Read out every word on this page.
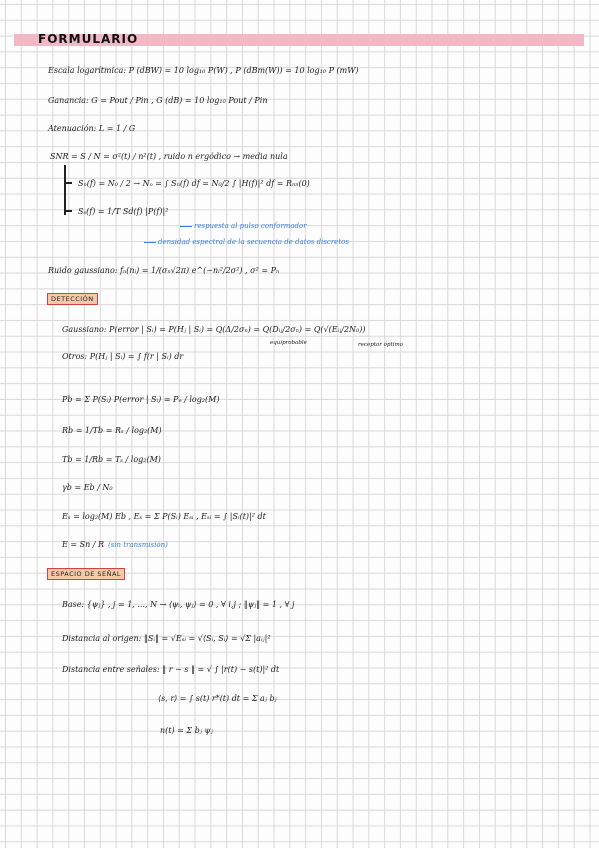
FORMULARIO
Escala logarítmica: P (dBW) = 10 log₁₀ P(W) , P (dBm(W)) = 10 log₁₀ P (mW)
Ganancia: G = Pout / Pin , G (dB) = 10 log₁₀ Pout / Pin
Atenuación: L = 1 / G
SNR = S / N = σ²(t) / n²(t) , ruido n ergódico → media nula
Sₙ(f) = N₀ / 2 → Nₒ = ∫ Sₙ(f) df = N₀/2 ∫ |H(f)|² df = Rₙₙ(0)
Sₛ(f) = 1/T Sd(f) |P(f)|²
respuesta al pulso conformador
densidad espectral de la secuencia de datos discretos
Ruido gaussiano: fₙ(nᵢ) = 1/(σₙ√2π) e^(−nᵢ²/2σ²) , σ² = Pₙ
DETECCIÓN
Gaussiano: P(error | Sᵢ) = P(Hⱼ | Sᵢ) = Q(Δ/2σₙ) = Q(Dᵢⱼ/2σₙ) = Q(√(Eᵢⱼ/2N₀))
equiprobable	receptor óptimo
Otros: P(Hⱼ | Sᵢ) = ∫ f(r | Sᵢ) dr
Pb = Σ P(Sᵢ) P(error | Sᵢ) = Pₑ / log₂(M)
Rb = 1/Tb = Rₛ / log₂(M)
Tb = 1/Rb = Tₛ / log₂(M)
γb = Eb / N₀
Eₛ = log₂(M) Eb , Eₛ = Σ P(Sᵢ) Eₛᵢ , Eₛᵢ = ∫ |Sᵢ(t)|² dt
E = Sn / R (sin transmisión)
ESPACIO DE SEÑAL
Base: {ψⱼ} , j = 1, ..., N → ⟨ψᵢ, ψⱼ⟩ = 0 , ∀ i,j ; ‖ψⱼ‖ = 1 , ∀ j
Distancia al origen: ‖Sᵢ‖ = √Eₛᵢ = √⟨Sᵢ, Sᵢ⟩ = √Σ |aᵢⱼ|²
Distancia entre señales: ‖ r − s ‖ = √ ∫ |r(t) − s(t)|² dt
⟨s, r⟩ = ∫ s(t) r*(t) dt = Σ aⱼ bⱼ
n(t) = Σ bⱼ ψⱼ
